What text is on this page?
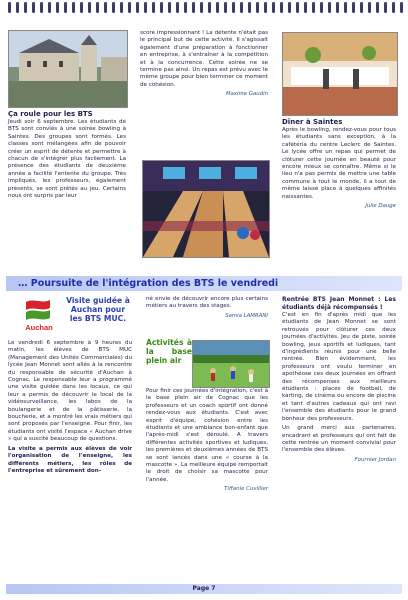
Ça roule pour les BTS

Jeudi soir 6 septembre. Les étudiants de BTS sont conviés à une soirée bowling à Saintes. Des groupes sont formés. Les classes sont mélangées afin de pouvoir créer un esprit de détente et permettre à chacun de s'intégrer plus facilement. La présence des étudiants de deuxième année a facilité l'entente du groupe. Très impliqués, les professeurs, également présents, se sont prêtés au jeu. Certains nous ont surpris par leur

score impressionnant ! La détente n'était pas le principal but de cette activité. Il s'agissait également d'une préparation à fonctionner en entreprise, à s'entraîner à la compétition et à la concurrence. Cette soirée ne se termine pas ainsi. Un repas est prévu avec le même groupe pour bien terminer ce moment de cohésion.

Maxime Gaudin
Dîner à Saintes

Après le bowling, rendez-vous pour tous les étudiants sans exception, à la cafétéria du centre Leclerc de Saintes. Le lycée offre un repas qui permet de clôturer cette journée en beauté pour encore mieux se connaître. Même si le lieu n'a pas permis de mettre une table commune à tout le monde, il a tout de même laissé place à quelques affinités naissantes.

Julie Dauge
… Poursuite de l'intégration des BTS le vendredi
Auchan
Visite guidée à Auchan pour les BTS MUC.

Le vendredi 6 septembre à 9 heures du matin, les élèves de BTS MUC (Management des Unités Commerciales) du lycée Jean Monnet sont allés à la rencontre du responsable de sécurité d'Auchan à Cognac. Le responsable leur a programmé une visite guidée dans les locaux, ce qui leur a permis de découvrir le local de la vidéosurveillance, les labos de la boulangerie et de la pâtisserie, la boucherie, et a montré les vrais métiers qui sont proposés par l'enseigne. Pour finir, les étudiants ont visité l'espace « Auchan drive » qui a suscité beaucoup de questions.

La visite a permis aux élèves de voir l'organisation de l'enseigne, les différents métiers, les rôles de l'entreprise et sûrement don-

né envie de découvrir encore plus certains métiers au travers des stages.

Samia LAMRANI
Activités à la base plein air

Pour finir ces journées d'intégration, c'est à la base plein air de Cognac que les professeurs et un coach sportif ont donné rendez-vous aux étudiants. C'est avec esprit d'équipe, cohésion entre les étudiants et une ambiance bon-enfant que l'après-midi s'est déroulé. A travers différentes activités sportives et ludiques, les premières et deuxièmes années de BTS se sont lancés dans une « course à la mascotte ». La meilleure équipe remportait le droit de choisir sa mascotte pour l'année.

Tiffanie Cuvillier
Rentrée BTS Jean Monnet : Les étudiants déjà récompensés !

C'est en fin d'après midi que les étudiants de Jean Monnet se sont retrouvés pour clôturer ces deux journées d'activités. Jeu de piste, soirée bowling, jeux sportifs et ludiques, tant d'ingrédients réunis pour une belle rentrée. Bien évidemment, les professeurs ont voulu terminer en apothéose ces deux journées en offrant des récompenses aux meilleurs étudiants : places de football, de karting, de cinéma ou encore de piscine et tant d'autres cadeaux qui ont ravi l'ensemble des étudiants pour le grand bonheur des professeurs.

Un grand merci aux partenaires, encadrant et professeurs qui ont fait de cette rentrée un moment convivial pour l'ensemble des élèves.

Fournier Jordan
Page 7
